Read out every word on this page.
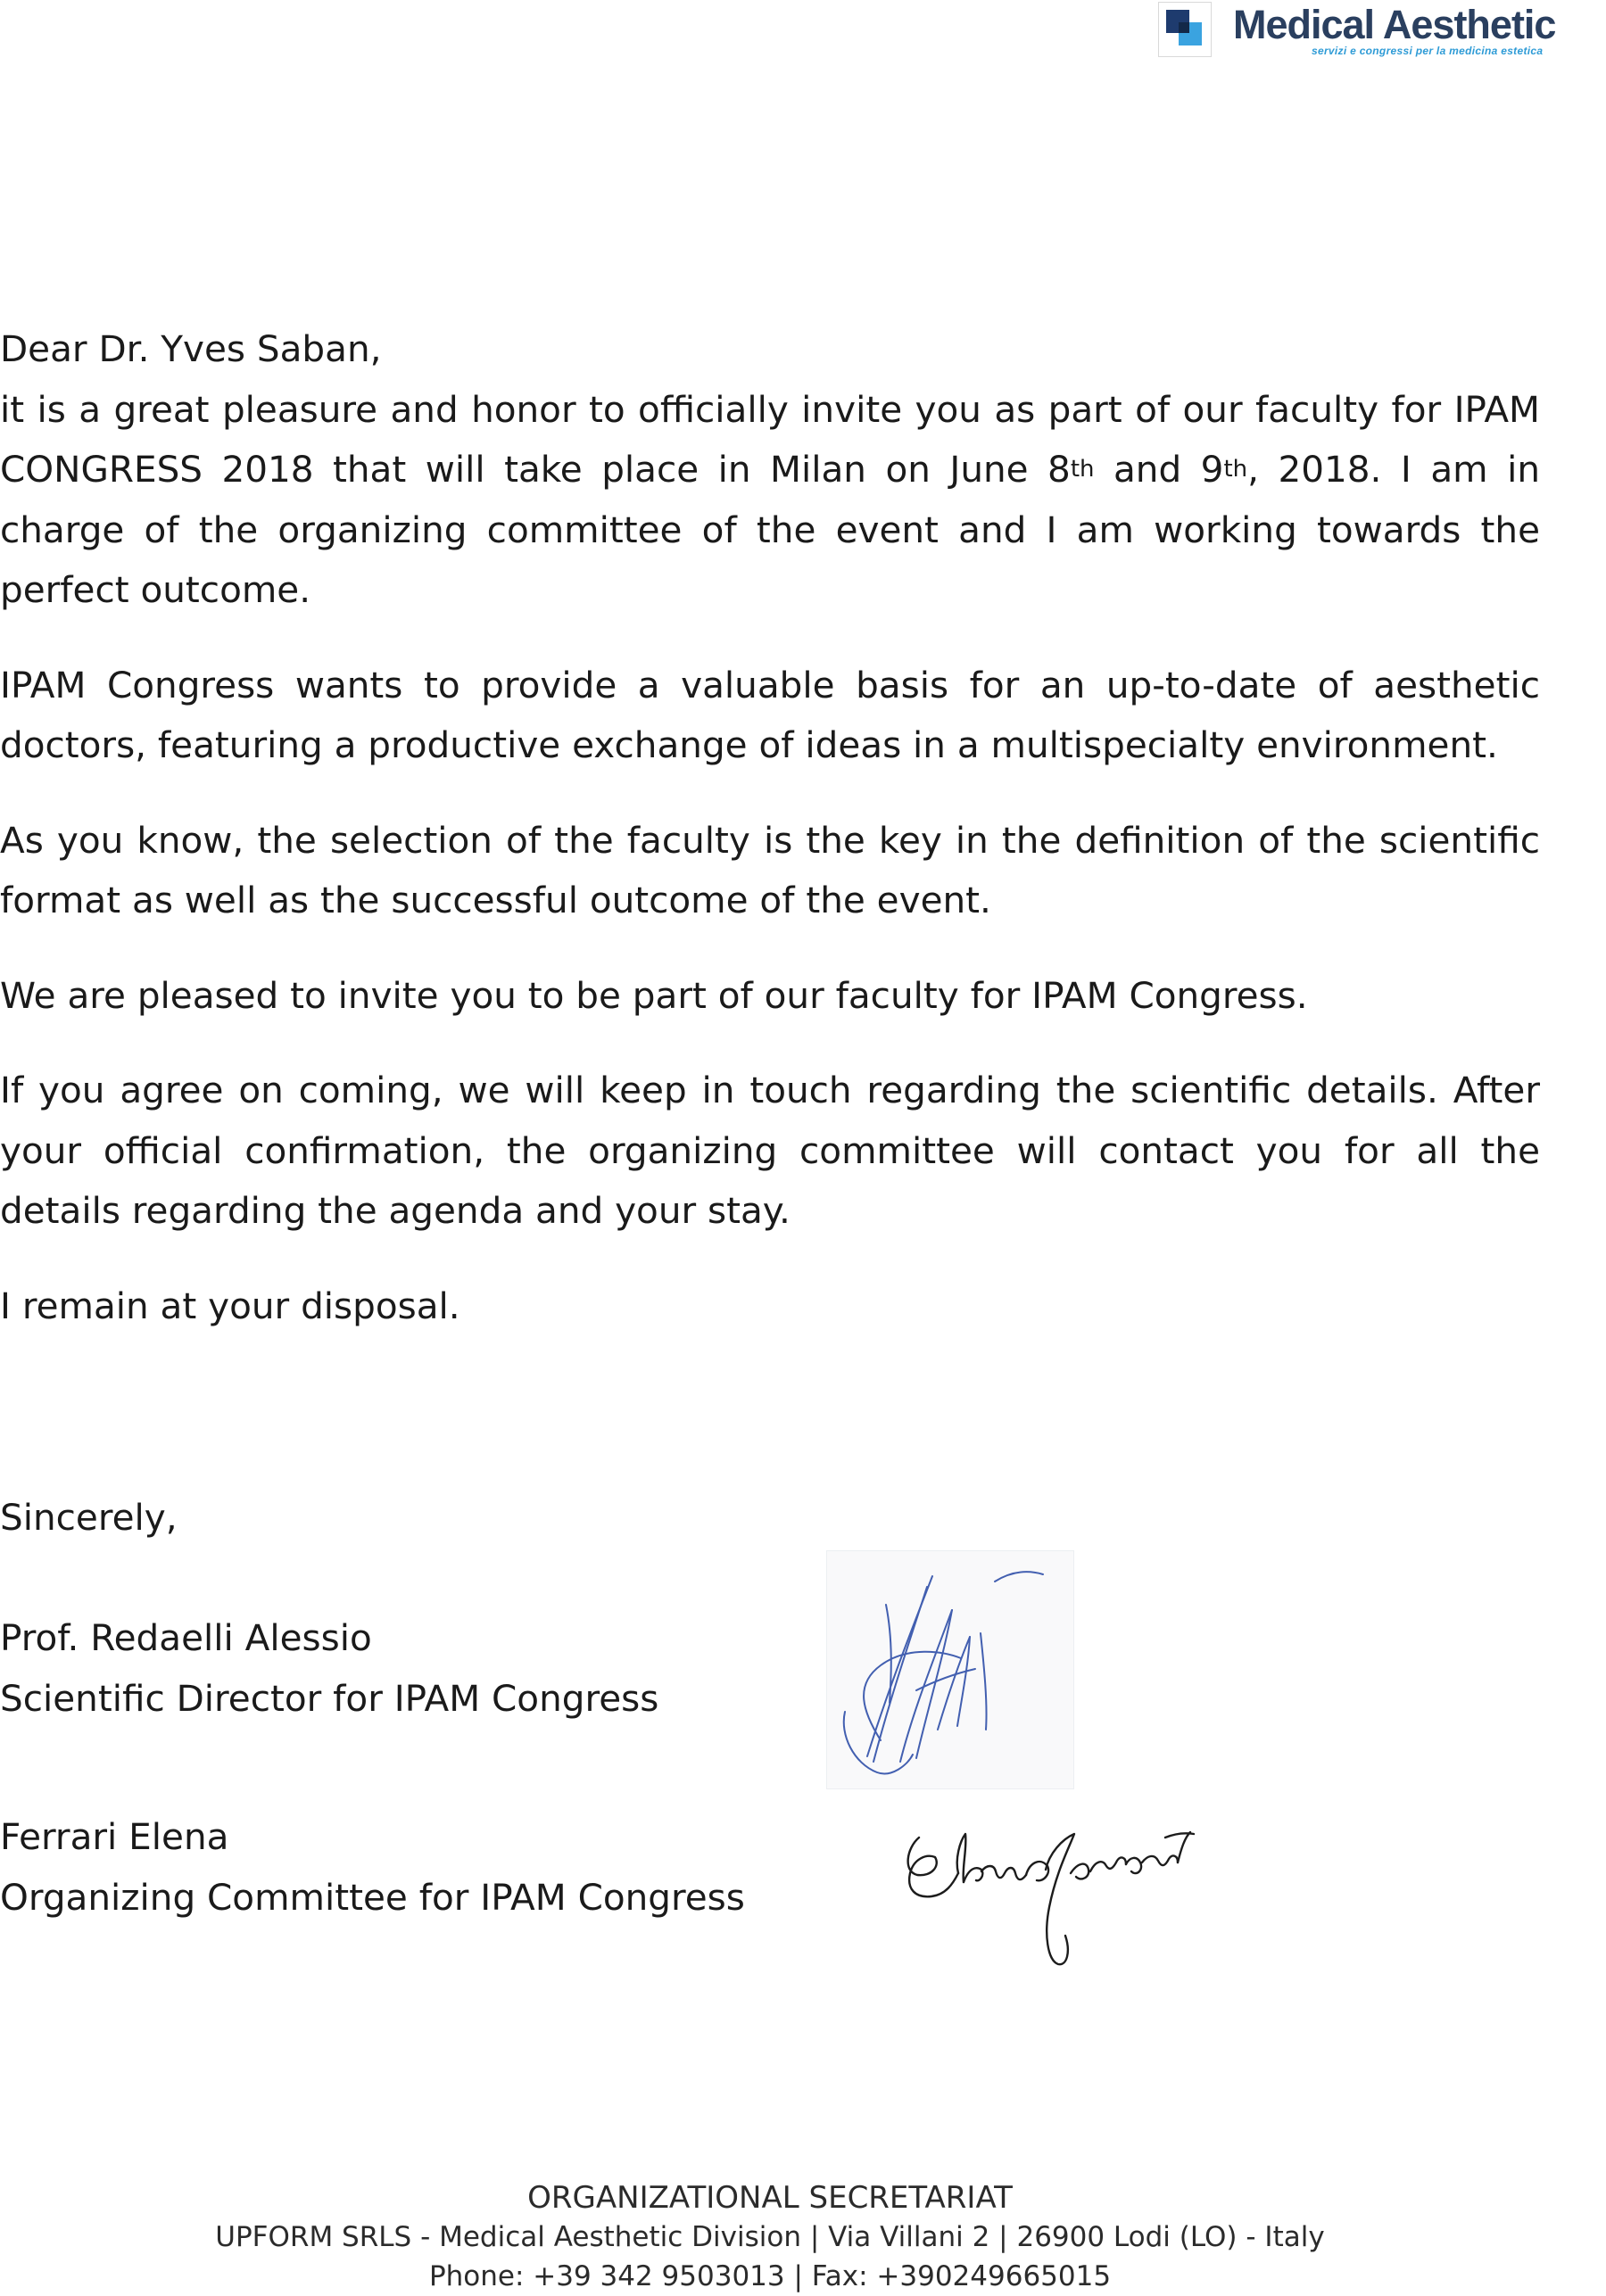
Medical Aesthetic
servizi e congressi per la medicina estetica

Dear Dr. Yves Saban,

it is a great pleasure and honor to officially invite you as part of our faculty for IPAM CONGRESS 2018 that will take place in Milan on June 8th and 9th, 2018. I am in charge of the organizing committee of the event and I am working towards the perfect outcome.

IPAM Congress wants to provide a valuable basis for an up-to-date of aesthetic doctors, featuring a productive exchange of ideas in a multispecialty environment.

As you know, the selection of the faculty is the key in the definition of the scientific format as well as the successful outcome of the event.

We are pleased to invite you to be part of our faculty for IPAM Congress.

If you agree on coming, we will keep in touch regarding the scientific details. After your official confirmation, the organizing committee will contact you for all the details regarding the agenda and your stay.

I remain at your disposal.

Sincerely,

Prof. Redaelli Alessio
Scientific Director for IPAM Congress
Ferrari Elena
Organizing Committee for IPAM Congress
ORGANIZATIONAL SECRETARIAT
UPFORM SRLS - Medical Aesthetic Division | Via Villani 2 | 26900 Lodi (LO) - Italy
Phone: +39 342 9503013 | Fax: +390249665015
